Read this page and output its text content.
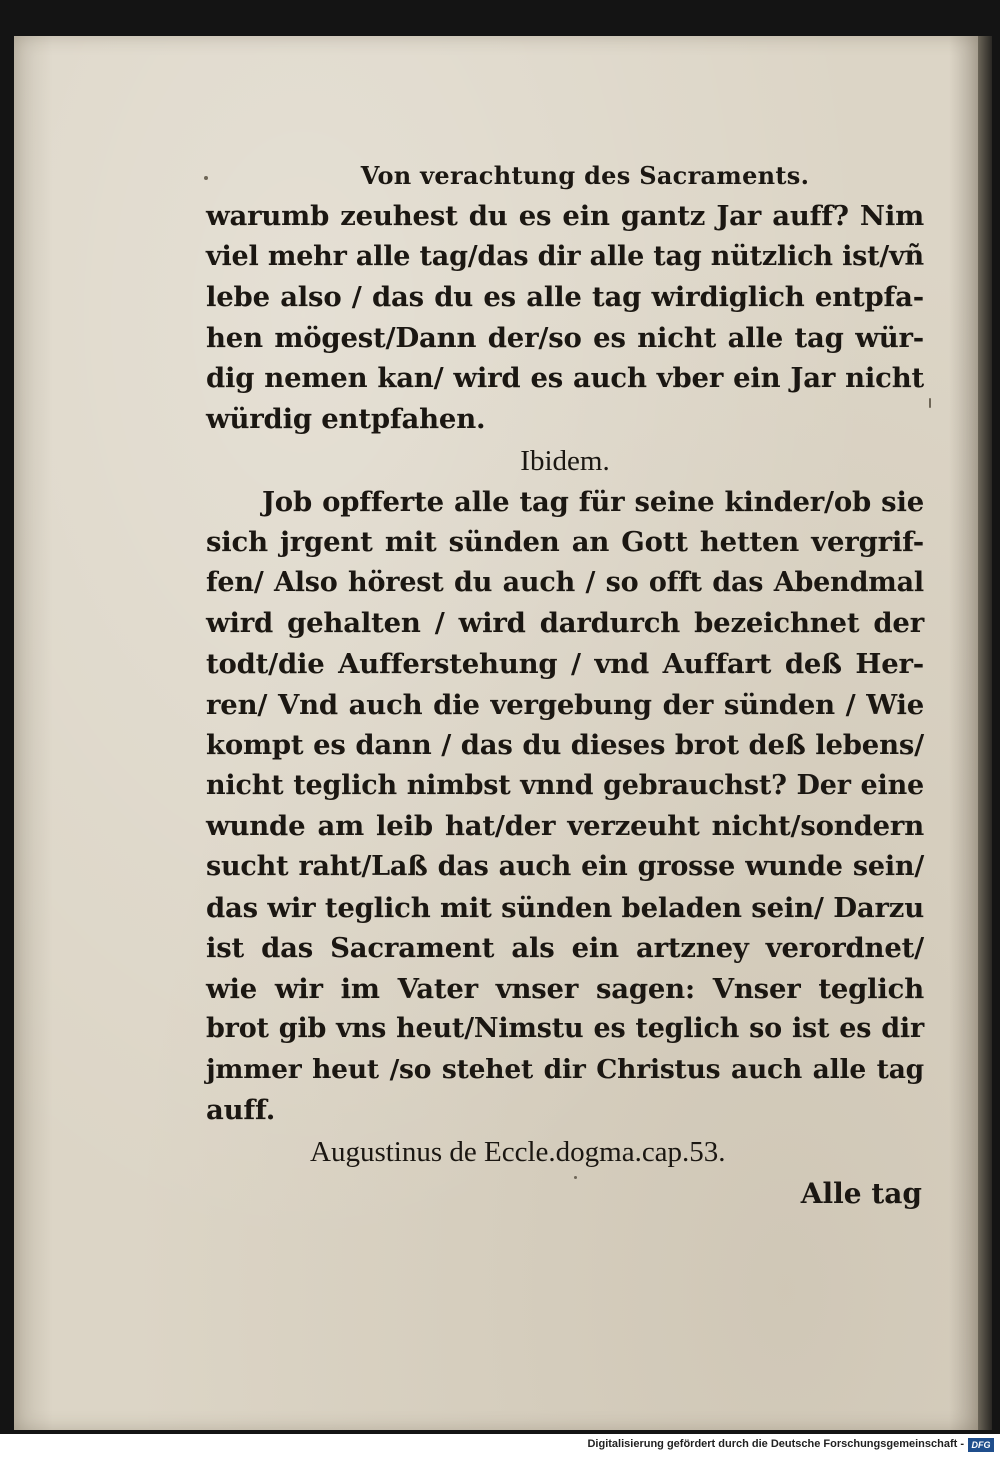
Von verachtung des Sacraments.
warumb zeuhest du es ein gantz Jar auff? Nim
viel mehr alle tag/das dir alle tag nützlich ist/vñ
lebe also / das du es alle tag wirdiglich entpfa-
hen mögest/Dann der/so es nicht alle tag wür-
dig nemen kan/ wird es auch vber ein Jar nicht
würdig entpfahen.
Ibidem.
Job opfferte alle tag für seine kinder/ob sie
sich jrgent mit sünden an Gott hetten vergrif-
fen/ Also hörest du auch / so offt das Abendmal
wird gehalten / wird dardurch bezeichnet der
todt/die Aufferstehung / vnd Auffart deß Her-
ren/ Vnd auch die vergebung der sünden / Wie
kompt es dann / das du dieses brot deß lebens/
nicht teglich nimbst vnnd gebrauchst? Der eine
wunde am leib hat/der verzeuht nicht/sondern
sucht raht/Laß das auch ein grosse wunde sein/
das wir teglich mit sünden beladen sein/ Darzu
ist das Sacrament als ein artzney verordnet/
wie wir im Vater vnser sagen: Vnser teglich
brot gib vns heut/Nimstu es teglich so ist es dir
jmmer heut /so stehet dir Christus auch alle tag
auff.
Augustinus de Eccle.dogma.cap.53.
Alle tag
Digitalisierung gefördert durch die Deutsche Forschungsgemeinschaft - DFG
